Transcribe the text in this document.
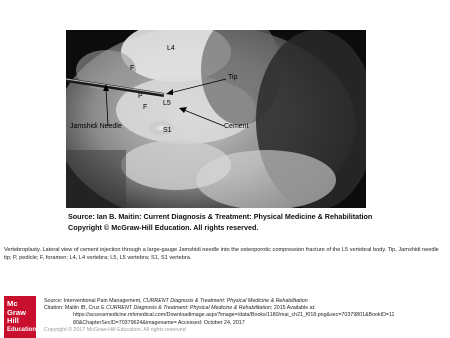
L4
F
P
F
L5
S1
Tip
Jamshidi Needle	Cement
Source: Ian B. Maitin: Current Diagnosis & Treatment: Physical Medicine & Rehabilitation
Copyright © McGraw-Hill Education. All rights reserved.
Vertebroplasty. Lateral view of cement injection through a large-gauge Jamshidi needle into the osteoporotic compression fracture of the L5 vertebral body. Tip, Jamshidi needle tip; P, pedicle; F, foramen; L4, L4 vertebra; L5, L5 vertebra; S1, S1 vertebra.
Mc
Graw
Hill
Education
Source: Interventional Pain Management, CURRENT Diagnosis & Treatment: Physical Medicine & Rehabilitation
Citation: Maitin IB, Cruz E CURRENT Diagnosis & Treatment: Physical Medicine & Rehabilitation; 2015 Available at:
https://accessmedicine.mhmedical.com/Downloadimage.aspx?image=/data/Books/1180/mai_ch21_f018.png&sec=70379801&BookID=11
80&ChapterSecID=70379624&imagename= Accessed: October 24, 2017
Copyright © 2017 McGraw-Hill Education. All rights reserved
